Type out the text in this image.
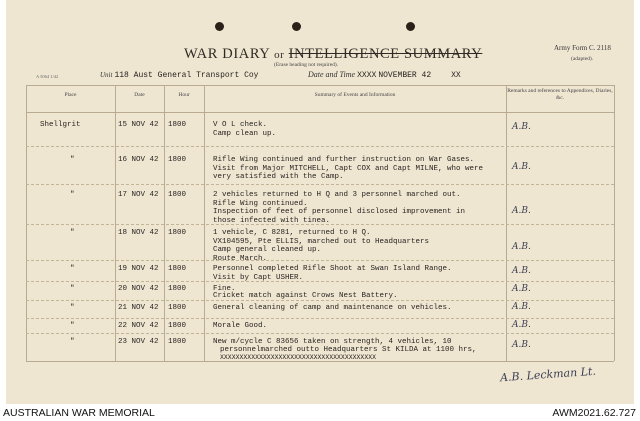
WAR DIARY or INTELLIGENCE SUMMARY
(Erase heading not required).
Army Form C. 2118
(adapted).
A 5064 1/42	Unit 118 Aust General Transport Coy	Date and Time XXXX NOVEMBER 42	XX
Place	Date	Hour	Summary of Events and Information
Remarks and references to Appendices, Diaries, &c.
Shellgrit	15 NOV 42 1800	V O L check.
Camp clean up.
A.B.
"	16 NOV 42 1800	Rifle Wing continued and further instruction on War Gases.
Visit from Major MITCHELL, Capt COX and Capt MILNE, who were
very satisfied with the Camp.
A.B.
"	17 NOV 42 1800	2 vehicles returned to H Q and 3 personnel marched out.
Rifle Wing continued.
Inspection of feet of personnel disclosed improvement in
those infected with tinea.
A.B.
"	18 NOV 42 1800	1 vehicle, C 8281, returned to H Q.
VX104595, Pte ELLIS, marched out to Headquarters
Camp general cleaned up.
Route March.
A.B.
"	19 NOV 42 1800	Personnel completed Rifle Shoot at Swan Island Range.
Visit by Capt USHER.
A.B.
"	20 NOV 42 1800	Fine.
Cricket match against Crows Nest Battery.
A.B.
"	21 NOV 42 1800	General cleaning of camp and maintenance on vehicles.	A.B.
"	22 NOV 42 1800	Morale Good.	A.B.
"	23 NOV 42 1800	New m/cycle C 83656 taken on strength, 4 vehicles, 10
personnelmarched outto Headquarters St KILDA at 1100 hrs,
XXXXXXXXXXXXXXXXXXXXXXXXXXXXXXXXXXXXXXXX
A.B.
A.B. Leckman Lt.
AUSTRALIAN WAR MEMORIAL	AWM2021.62.727
